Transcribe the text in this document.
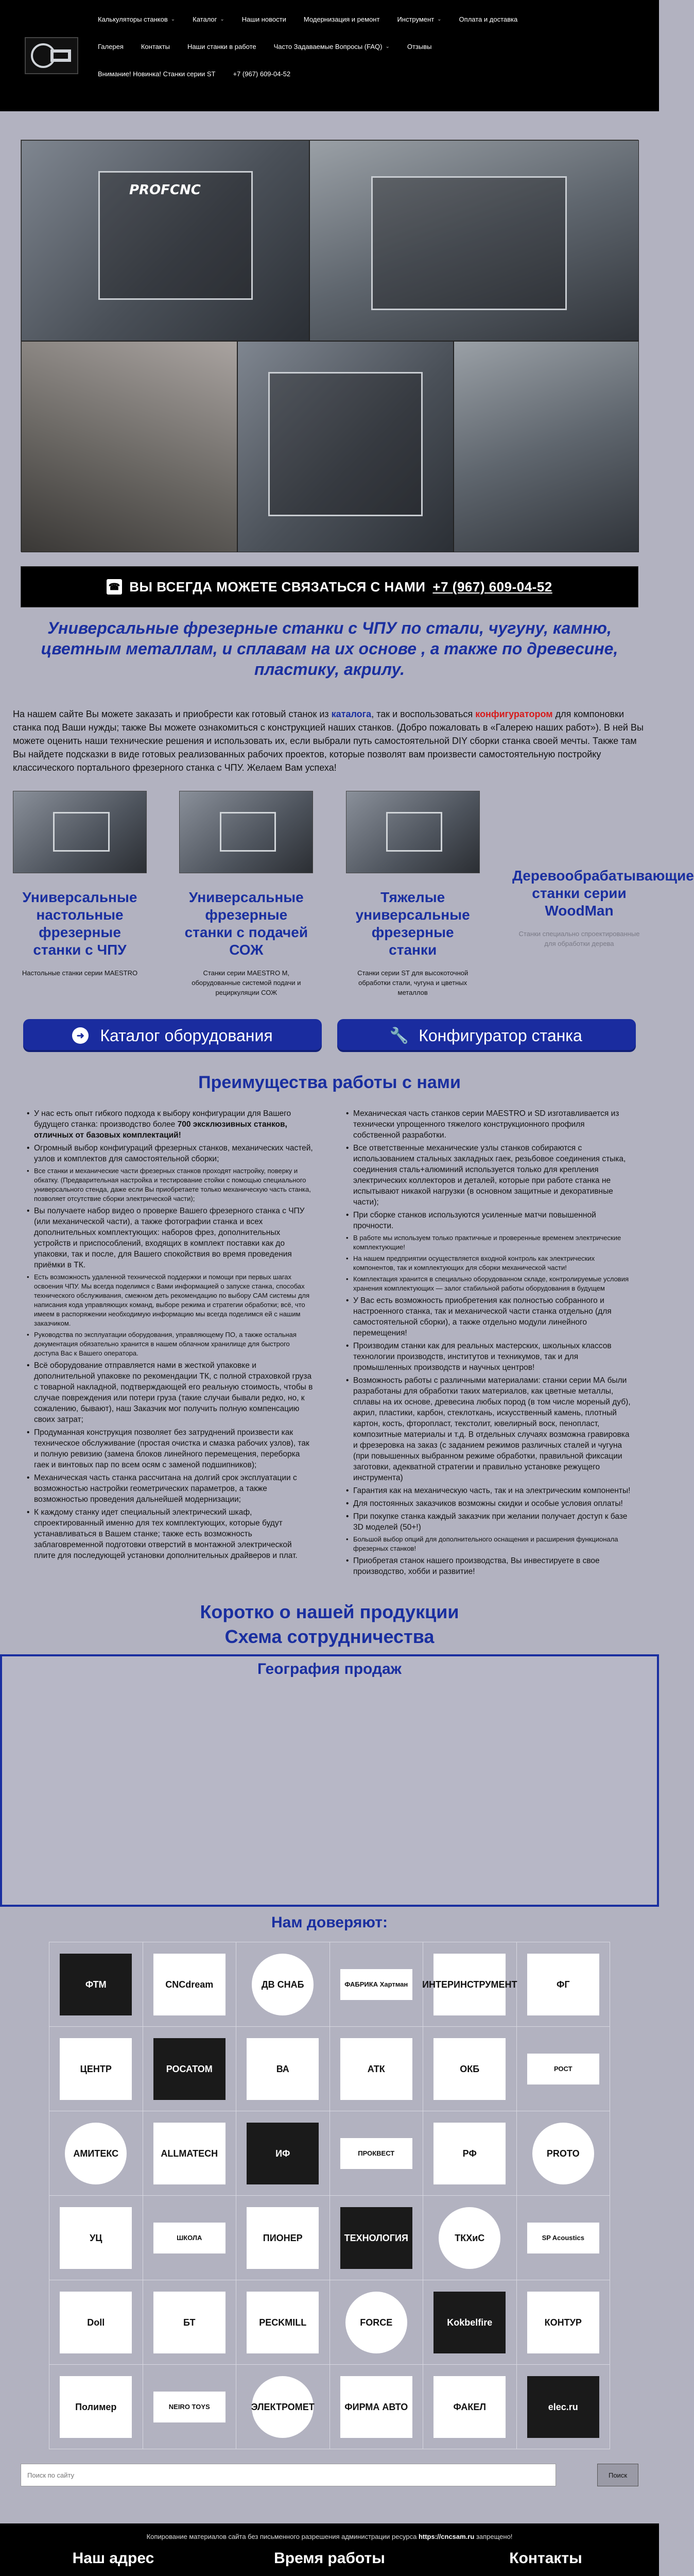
Калькуляторы станков ⌄	Каталог ⌄	Наши новости	Модернизация и ремонт	Инструмент ⌄	Оплата и доставка
Галерея	Контакты	Наши станки в работе	Часто Задаваемые Вопросы (FAQ) ⌄	Отзывы
Внимание! Новинка! Станки серии ST	+7 (967) 609-04-52
PROFCNC
☎ ВЫ ВСЕГДА МОЖЕТЕ СВЯЗАТЬСЯ С НАМИ +7 (967) 609-04-52
Универсальные фрезерные станки с ЧПУ по стали, чугуну, камню, цветным металлам, и сплавам на их основе , а также по древесине, пластику, акрилу.

На нашем сайте Вы можете заказать и приобрести как готовый станок из каталога, так и воспользоваться конфигуратором для компоновки станка под Ваши нужды; также Вы можете ознакомиться с конструкцией наших станков. (Добро пожаловать в «Галерею наших работ»). В ней Вы можете оценить наши технические решения и использовать их, если выбрали путь самостоятельной DIY сборки станка своей мечты. Также там Вы найдете подсказки в виде готовых реализованных рабочих проектов, которые позволят вам произвести самостоятельную постройку классического портального фрезерного станка с ЧПУ. Желаем Вам успеха!

Универсальные настольные фрезерные станки с ЧПУ

Настольные станки серии MAESTRO

Универсальные фрезерные станки с подачей СОЖ

Станки серии MAESTRO M, оборудованные системой подачи и рециркуляции СОЖ

Тяжелые универсальные фрезерные станки

Станки серии ST для высокоточной обработки стали, чугуна и цветных металлов

Деревообрабатывающие станки серии WoodMan

Станки специально спроектированные для обработки дерева

➜ Каталог оборудования	🔧 Конфигуратор станка
Преимущества работы с нами
• У нас есть опыт гибкого подхода к выбору конфигурации для Вашего будущего станка: производство более 700 эксклюзивных станков, отличных от базовых комплектаций!
• Огромный выбор конфигураций фрезерных станков, механических частей, узлов и комплектов для самостоятельной сборки;
• Все станки и механические части фрезерных станков проходят настройку, поверку и обкатку. (Предварительная настройка и тестирование стойки с помощью специального универсального стенда, даже если Вы приобретаете только механическую часть станка, позволяет отсутствие сборки электрической части);
• Вы получаете набор видео о проверке Вашего фрезерного станка с ЧПУ (или механической части), а также фотографии станка и всех дополнительных комплектующих: наборов фрез, дополнительных устройств и приспособлений, входящих в комплект поставки как до упаковки, так и после, для Вашего спокойствия во время проведения приёмки в ТК.
• Есть возможность удаленной технической поддержки и помощи при первых шагах освоения ЧПУ. Мы всегда поделимся с Вами информацией о запуске станка, способах технического обслуживания, смежном деть рекомендацию по выбору CAM системы для написания кода управляющих команд, выборе режима и стратегии обработки; всё, что имеем в распоряжении необходимую информацию мы всегда поделимся ей с нашим заказчиком.
• Руководства по эксплуатации оборудования, управляющему ПО, а также остальная документация обязательно хранится в нашем облачном хранилище для быстрого доступа Вас к Вашего оператора.
• Всё оборудование отправляется нами в жесткой упаковке и дополнительной упаковке по рекомендации ТК, с полной страховкой груза с товарной накладной, подтверждающей его реальную стоимость, чтобы в случае повреждения или потери груза (такие случаи бывали редко, но, к сожалению, бывают), наш Заказчик мог получить полную компенсацию своих затрат;
• Продуманная конструкция позволяет без затруднений произвести как техническое обслуживание (простая очистка и смазка рабочих узлов), так и полную ревизию (замена блоков линейного перемещения, переборка гаек и винтовых пар по всем осям с заменой подшипников);
• Механическая часть станка рассчитана на долгий срок эксплуатации с возможностью настройки геометрических параметров, а также возможностью проведения дальнейшей модернизации;
• К каждому станку идет специальный электрический шкаф, спроектированный именно для тех комплектующих, которые будут устанавливаться в Вашем станке; также есть возможность заблаговременной подготовки отверстий в монтажной электрической плите для последующей установки дополнительных драйверов и плат.
• Механическая часть станков серии MAESTRO и SD изготавливается из технически упрощенного тяжелого конструкционного профиля собственной разработки.
• Все ответственные механические узлы станков собираются с использованием стальных закладных гаек, резьбовое соединения стыка, соединения сталь+алюминий используется только для крепления электрических коллекторов и деталей, которые при работе станка не испытывают никакой нагрузки (в основном защитные и декоративные части);
• При сборке станков используются усиленные матчи повышенной прочности.
• В работе мы используем только практичные и проверенные временем электрические комплектующие!
• На нашем предприятии осуществляется входной контроль как электрических компонентов, так и комплектующих для сборки механической части!
• Комплектация хранится в специально оборудованном складе, контролируемые условия хранения комплектующих — залог стабильной работы оборудования в будущем
• У Вас есть возможность приобретения как полностью собранного и настроенного станка, так и механической части станка отдельно (для самостоятельной сборки), а также отдельно модули линейного перемещения!
• Производим станки как для реальных мастерских, школьных классов технологии производств, институтов и техникумов, так и для промышленных производств и научных центров!
• Возможность работы с различными материалами: станки серии МА были разработаны для обработки таких материалов, как цветные металлы, сплавы на их основе, древесина любых пород (в том числе мореный дуб), акрил, пластики, карбон, стеклоткань, искусственный камень, плотный картон, кость, фторопласт, текстолит, ювелирный воск, пенопласт, композитные материалы и т.д. В отдельных случаях возможна гравировка и фрезеровка на заказ (с заданием режимов различных сталей и чугуна (при повышенных выбранном режиме обработки, правильной фиксации заготовки, адекватной стратегии и правильно установке режущего инструмента)
• Гарантия как на механическую часть, так и на электрическим компоненты!
• Для постоянных заказчиков возможны скидки и особые условия оплаты!
• При покупке станка каждый заказчик при желании получает доступ к базе 3D моделей (50+!)
• Большой выбор опций для дополнительного оснащения и расширения функционала фрезерных станков!
• Приобретая станок нашего производства, Вы инвестируете в свое производство, хобби и развитие!
Коротко о нашей продукции
Схема сотрудничества
География продаж
Нам доверяют:
ФТМ	CNCdream	ДВ СНАБ	ФАБРИКА Хартман	ИНТЕРИНСТРУМЕНТ	ФГ
ЦЕНТР	РОСАТОМ	ВА	АТК	ОКБ	РОСТ
АМИТЕКС	ALLMATECH	ИФ	ПРОКВЕСТ	РФ	PROTO
УЦ	ШКОЛА	ПИОНЕР	ТЕХНОЛОГИЯ	ТКХиС	SP Acoustics
Doll	БТ	PECKMILL	FORCE	Kokbelfire	КОНТУР
Полимер	NEIRO TOYS	ЭЛЕКТРОМЕТ	ФИРМА АВТО	ФАКЕЛ	elec.ru
Поиск по сайту
Поиск

Копирование материалов сайта без письменного разрешения администрации ресурса https://cncsam.ru запрещено!

Наш адрес	Время работы	Контакты
